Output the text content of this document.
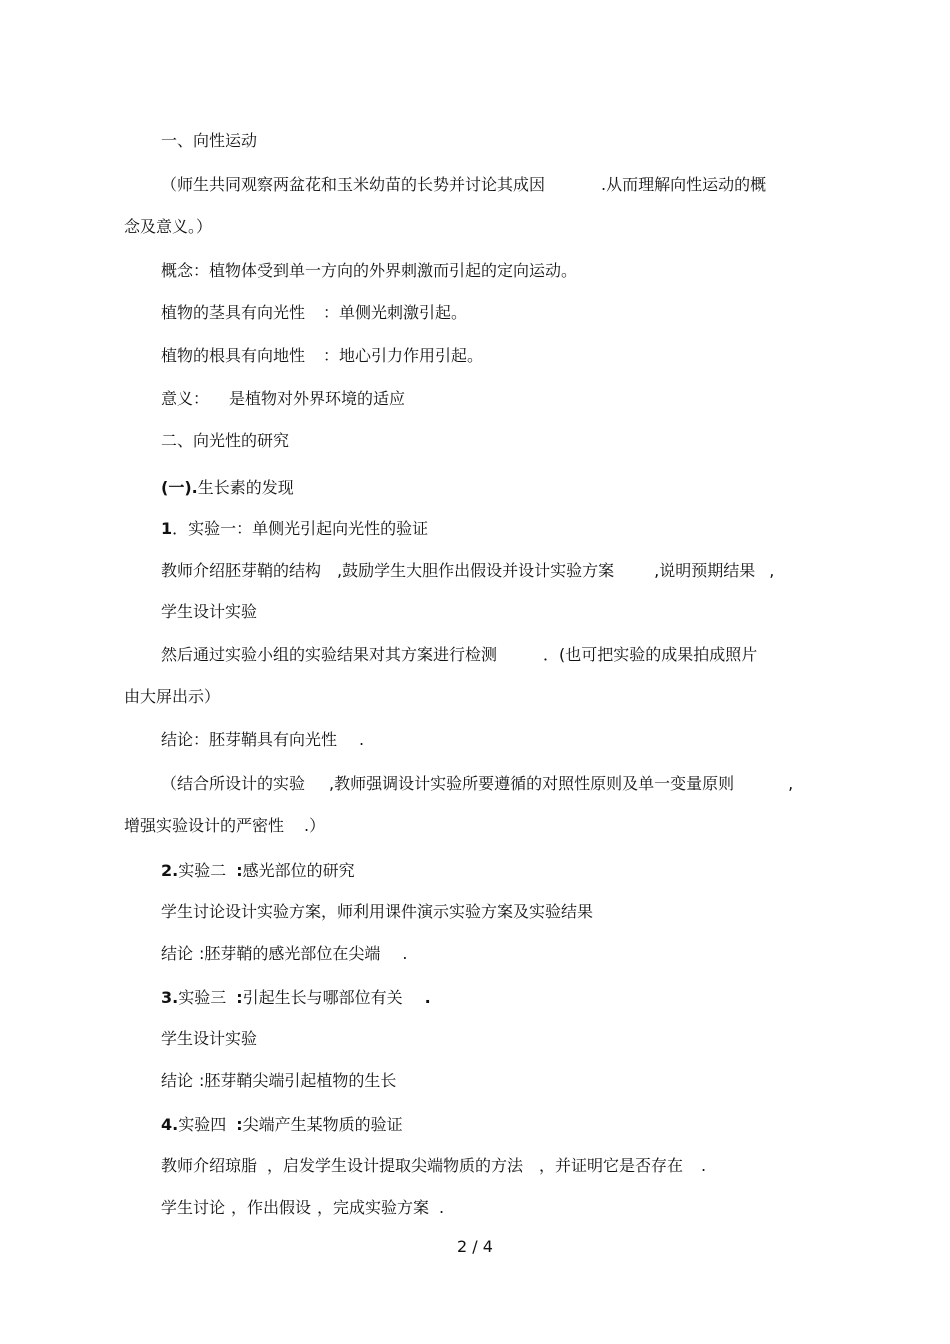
一、向性运动
（师生共同观察两盆花和玉米幼苗的长势并讨论其成因	.从而理解向性运动的概
念及意义。）
概念：植物体受到单一方向的外界刺激而引起的定向运动。
植物的茎具有向光性 ：单侧光刺激引起。
植物的根具有向地性 ：地心引力作用引起。
意义： 是植物对外界环境的适应
二、向光性的研究
(一).生长素的发现
1．实验一：单侧光引起向光性的验证
教师介绍胚芽鞘的结构 ,鼓励学生大胆作出假设并设计实验方案	,说明预期结果 ,
学生设计实验
然后通过实验小组的实验结果对其方案进行检测	．(也可把实验的成果拍成照片
由大屏出示）
结论：胚芽鞘具有向光性 .
（结合所设计的实验 ,教师强调设计实验所要遵循的对照性原则及单一变量原则	,
增强实验设计的严密性 .）
2.实验二 :感光部位的研究
学生讨论设计实验方案，师利用课件演示实验方案及实验结果
结论 :胚芽鞘的感光部位在尖端 .
3.实验三 :引起生长与哪部位有关 .
学生设计实验
结论 :胚芽鞘尖端引起植物的生长
4.实验四 :尖端产生某物质的验证
教师介绍琼脂 ，启发学生设计提取尖端物质的方法 ，并证明它是否存在 .
学生讨论 ，作出假设 ，完成实验方案 .
2 / 4
